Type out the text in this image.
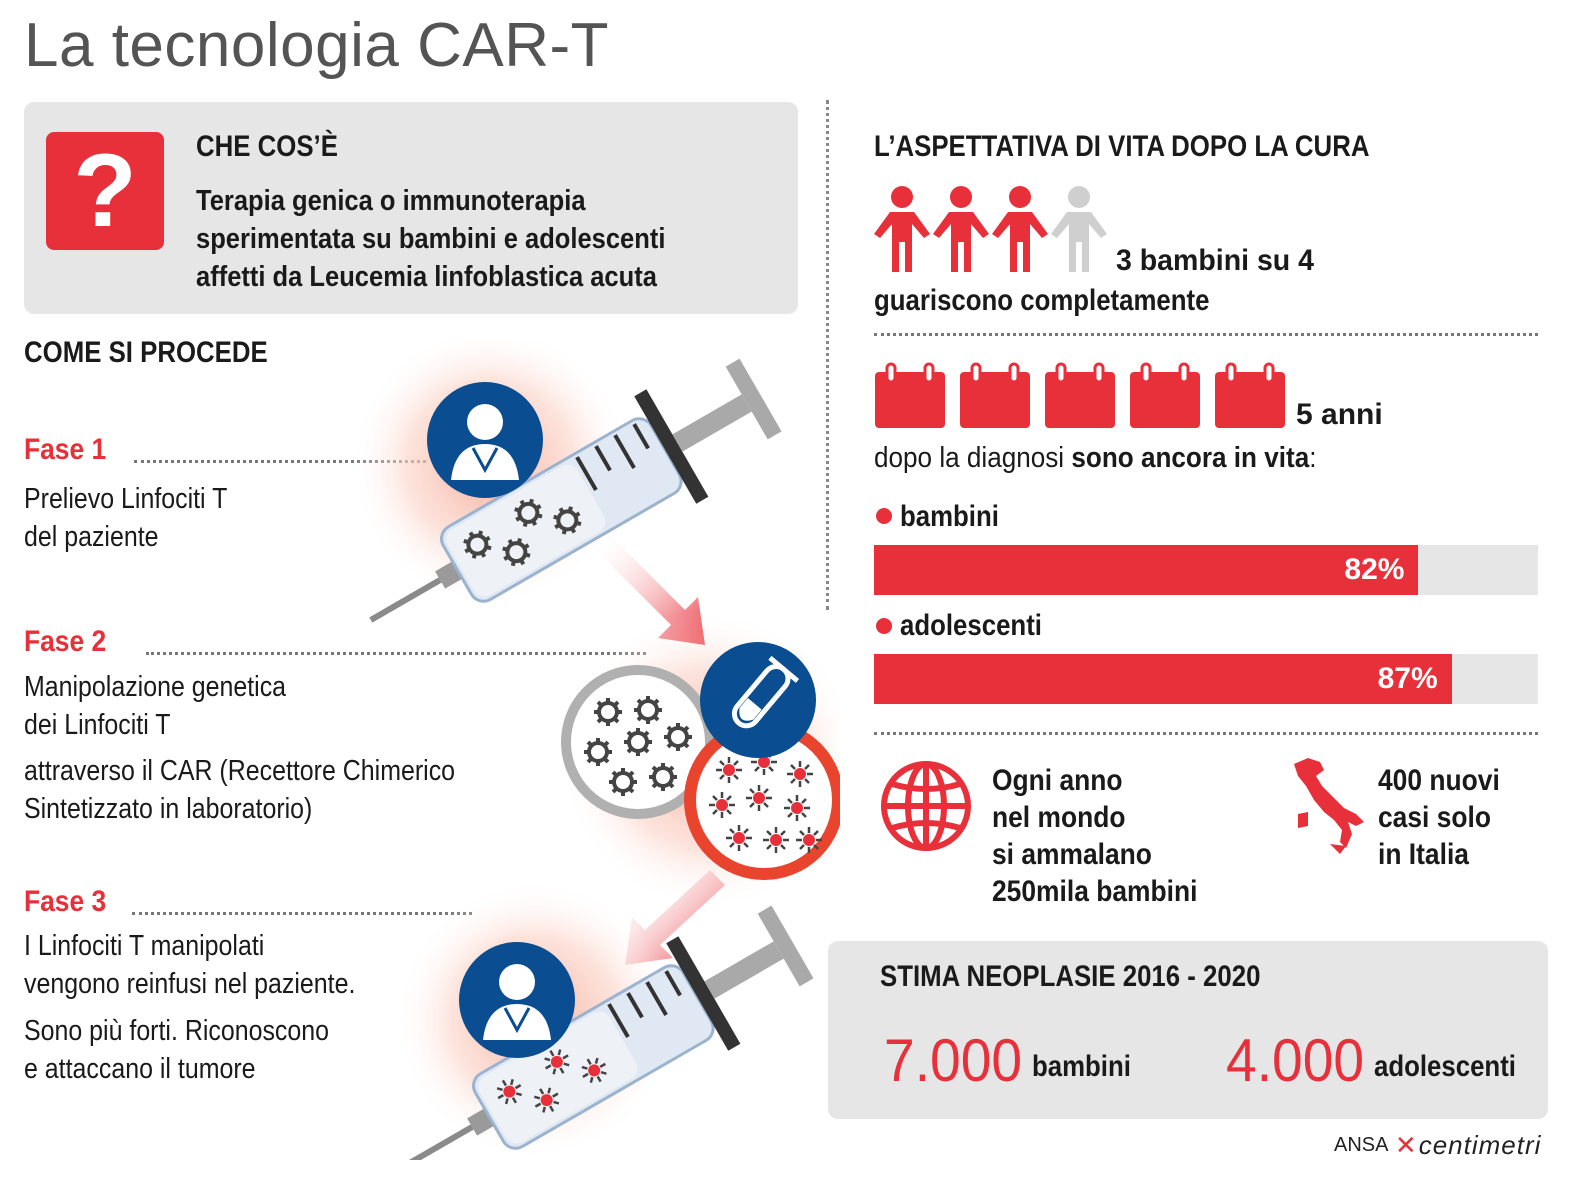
La tecnologia CAR-T
?	CHE COS’È
Terapia genica o immunoterapia
sperimentata su bambini e adolescenti
affetti da Leucemia linfoblastica acuta
COME SI PROCEDE
Fase 1
Prelievo Linfociti T
del paziente
Fase 2
Manipolazione genetica
dei Linfociti T
attraverso il CAR (Recettore Chimerico
Sintetizzato in laboratorio)
Fase 3
I Linfociti T manipolati
vengono reinfusi nel paziente.
Sono più forti. Riconoscono
e attaccano il tumore
L’ASPETTATIVA DI VITA DOPO LA CURA
3 bambini su 4
guariscono completamente
5 anni
dopo la diagnosi sono ancora in vita:
bambini
82%
adolescenti
87%
Ogni anno
nel mondo
si ammalano
250mila bambini
400 nuovi
casi solo
in Italia
STIMA NEOPLASIE 2016 - 2020
7.000 bambini 4.000 adolescenti
ANSA ✕centimetri
